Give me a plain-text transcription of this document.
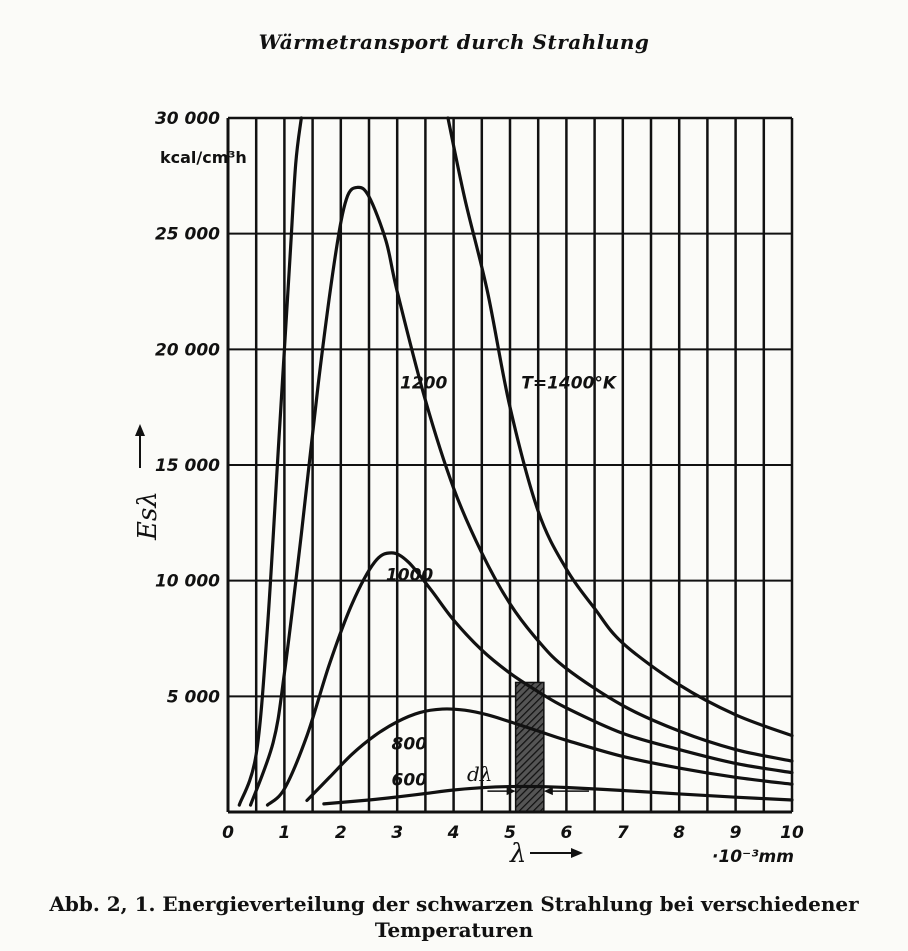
Wärmetransport durch Strahlung
5 000
10 000
15 000
20 000
25 000
30 000
0	1	2	3	4	5	6	7	8	9 10
1200	T=1400°K
1000
800
600
kcal/cm³h
Esλ
λ	·10⁻³mm
dλ
Abb. 2, 1. Energieverteilung der schwarzen Strahlung bei verschiedener
Temperaturen
